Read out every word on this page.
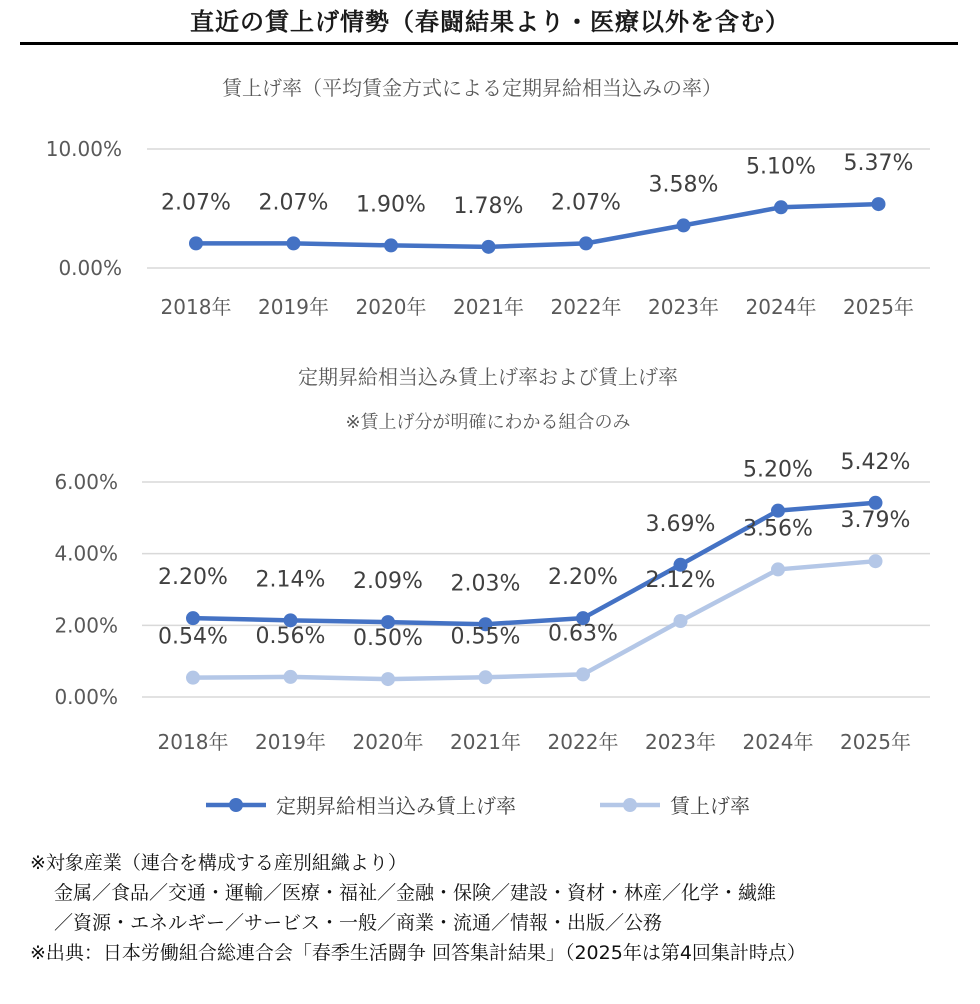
直近の賃上げ情勢（春闘結果より・医療以外を含む）
賃上げ率（平均賃金方式による定期昇給相当込みの率）
0.00%
10.00%
2018年 2019年 2020年 2021年 2022年 2023年 2024年 2025年
2.07% 2.07% 1.90% 1.78% 2.07%
3.58%
5.10% 5.37%
定期昇給相当込み賃上げ率および賃上げ率
※賃上げ分が明確にわかる組合のみ
0.00%
2.00%
4.00%
6.00%
2018年 2019年 2020年 2021年 2022年 2023年 2024年 2025年
2.20% 2.14% 2.09% 2.03% 2.20%
3.69%
5.20% 5.42%
0.54% 0.56% 0.50% 0.55% 0.63%
2.12%
3.56% 3.79%
定期昇給相当込み賃上げ率	賃上げ率
※対象産業（連合を構成する産別組織より）
金属／食品／交通・運輸／医療・福祉／金融・保険／建設・資材・林産／化学・繊維
／資源・エネルギー／サービス・一般／商業・流通／情報・出版／公務
※出典：日本労働組合総連合会「春季生活闘争 回答集計結果」（2025年は第4回集計時点）
